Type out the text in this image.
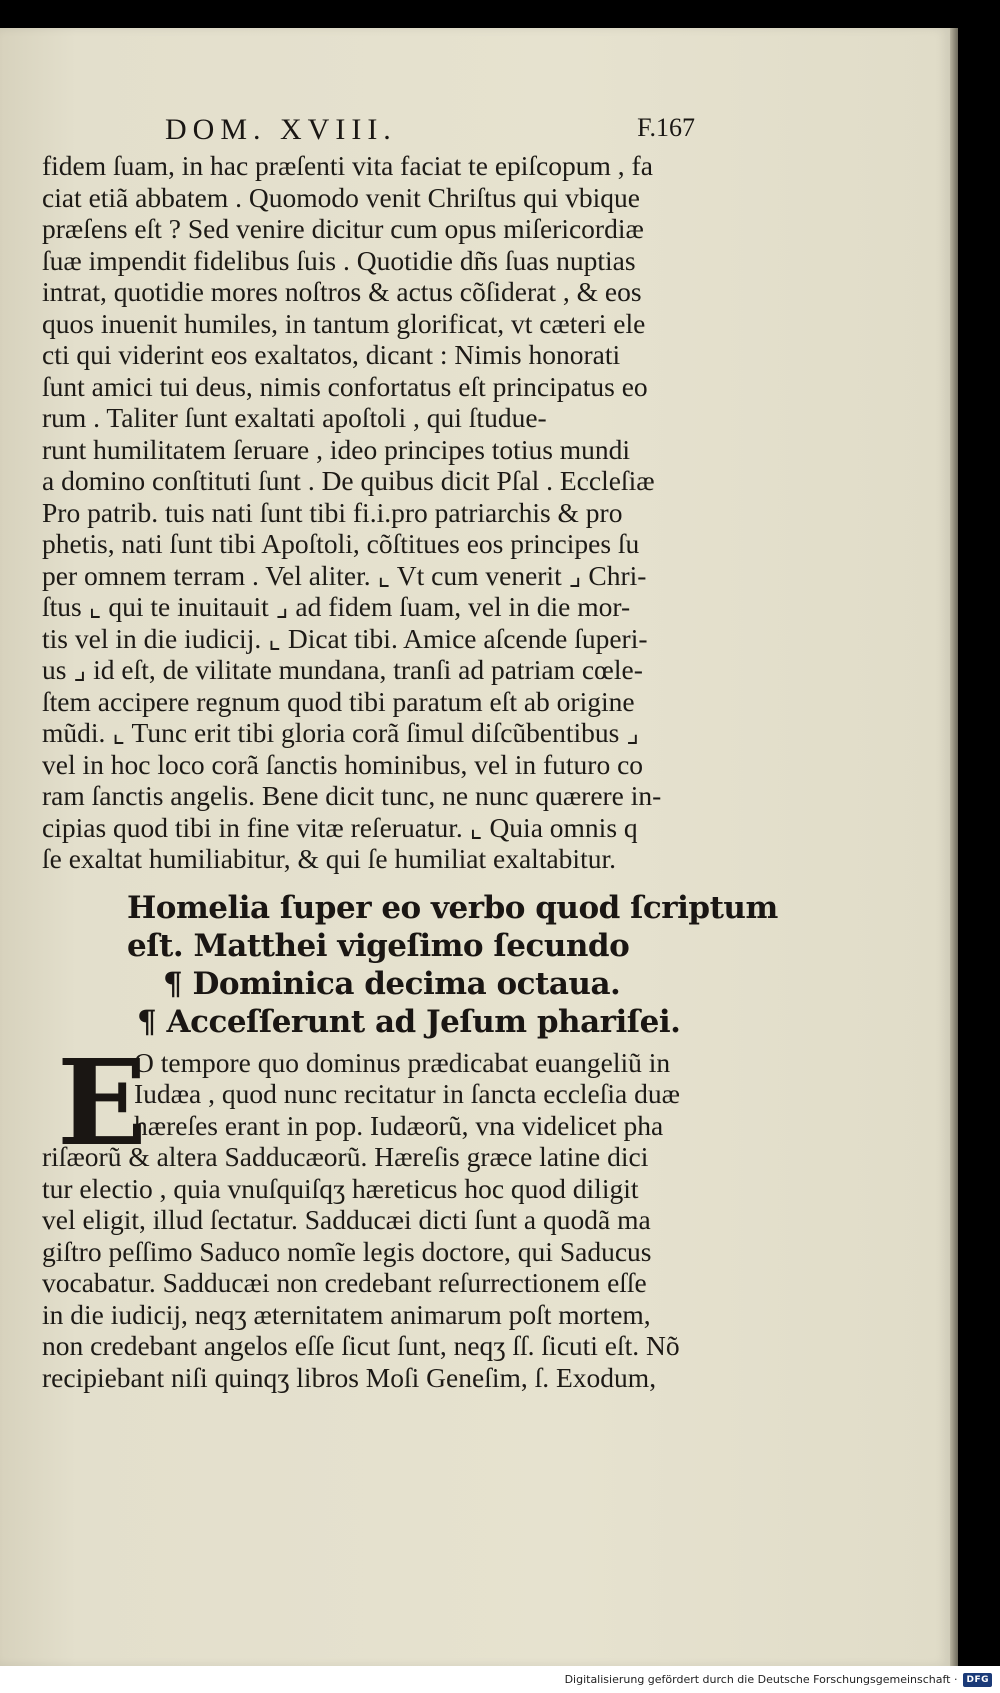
DOM. XVIII.	F.167
fidem ſuam, in hac præſenti vita faciat te epiſcopum , fa
ciat etiã abbatem . Quomodo venit Chriſtus qui vbique
præſens eſt ? Sed venire dicitur cum opus miſericordiæ
ſuæ impendit fidelibus ſuis . Quotidie dñs ſuas nuptias
intrat, quotidie mores noſtros & actus cõſiderat , & eos
quos inuenit humiles, in tantum glorificat, vt cæteri ele
cti qui viderint eos exaltatos, dicant : Nimis honorati
ſunt amici tui deus, nimis confortatus eſt principatus eo
rum . Taliter ſunt exaltati apoſtoli , qui ſtudue-
runt humilitatem ſeruare , ideo principes totius mundi
a domino conſtituti ſunt . De quibus dicit Pſal . Eccleſiæ
Pro patrib. tuis nati ſunt tibi fi.i.pro patriarchis & pro
phetis, nati ſunt tibi Apoſtoli, cõſtitues eos principes ſu
per omnem terram . Vel aliter. ⌞ Vt cum venerit ⌟ Chri-
ſtus ⌞ qui te inuitauit ⌟ ad fidem ſuam, vel in die mor-
tis vel in die iudicij. ⌞ Dicat tibi. Amice aſcende ſuperi-
us ⌟ id eſt, de vilitate mundana, tranſi ad patriam cœle-
ſtem accipere regnum quod tibi paratum eſt ab origine
mũdi. ⌞ Tunc erit tibi gloria corã ſimul diſcũbentibus ⌟
vel in hoc loco corã ſanctis hominibus, vel in futuro co
ram ſanctis angelis. Bene dicit tunc, ne nunc quærere in-
cipias quod tibi in fine vitæ reſeruatur. ⌞ Quia omnis q
ſe exaltat humiliabitur, & qui ſe humiliat exaltabitur.
Homelia ſuper eo verbo quod ſcriptum
eſt. Matthei vigeſimo ſecundo
¶ Dominica decima octaua.
¶ Acceſſerunt ad Jeſum phariſei.
E
O tempore quo dominus prædicabat euangeliũ in
Iudæa , quod nunc recitatur in ſancta eccleſia duæ
hæreſes erant in pop. Iudæorũ, vna videlicet pha
riſæorũ & altera Sadducæorũ. Hæreſis græce latine dici
tur electio , quia vnuſquiſqʒ hæreticus hoc quod diligit
vel eligit, illud ſectatur. Sadducæi dicti ſunt a quodã ma
giſtro peſſimo Saduco nomĩe legis doctore, qui Saducus
vocabatur. Sadducæi non credebant reſurrectionem eſſe
in die iudicij, neqʒ æternitatem animarum poſt mortem,
non credebant angelos eſſe ſicut ſunt, neqʒ ſſ. ſicuti eſt. Nõ
recipiebant niſi quinqʒ libros Moſi Geneſim, ſ. Exodum,
Digitalisierung gefördert durch die Deutsche Forschungsgemeinschaft ·	DFG
